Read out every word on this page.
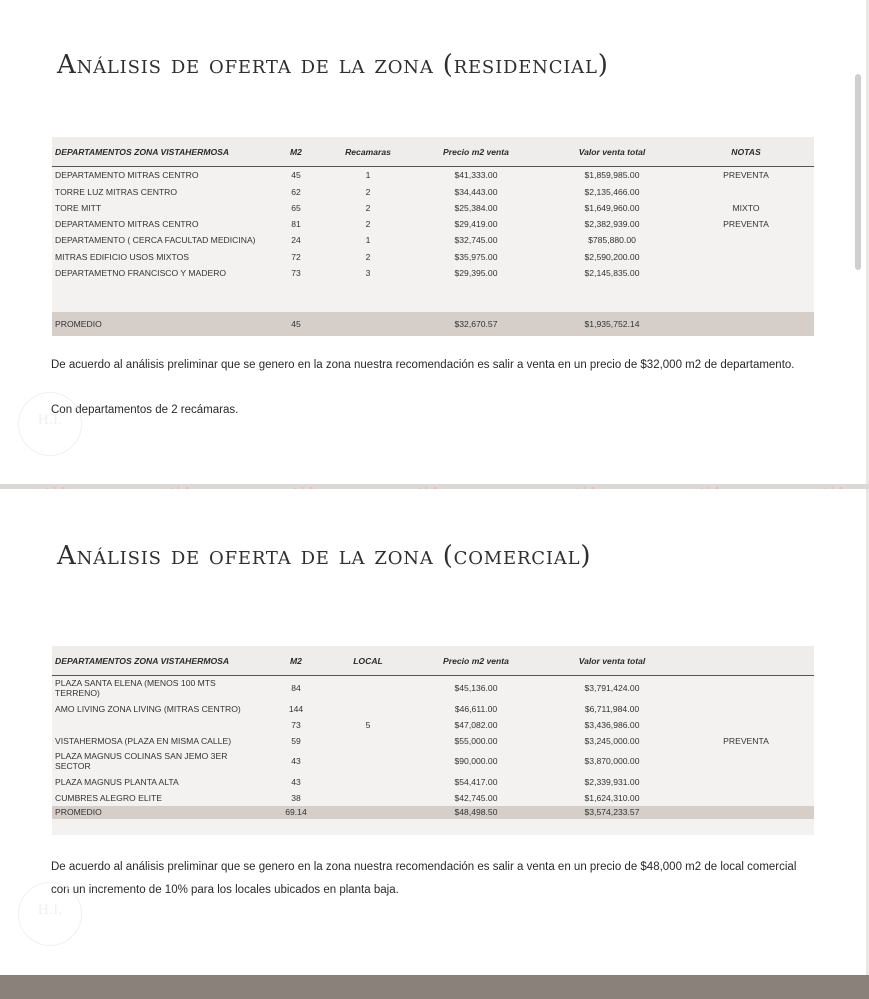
Análisis de oferta de la zona (residencial)
DEPARTAMENTOS ZONA VISTAHERMOSA	M2	Recamaras	Precio m2 venta	Valor venta total	NOTAS
DEPARTAMENTO MITRAS CENTRO	45	1	$41,333.00	$1,859,985.00	PREVENTA
TORRE LUZ MITRAS CENTRO	62	2	$34,443.00	$2,135,466.00	
TORE MITT	65	2	$25,384.00	$1,649,960.00	MIXTO
DEPARTAMENTO MITRAS CENTRO	81	2	$29,419.00	$2,382,939.00	PREVENTA
DEPARTAMENTO ( CERCA FACULTAD MEDICINA)	24	1	$32,745.00	$785,880.00	
MITRAS EDIFICIO USOS MIXTOS	72	2	$35,975.00	$2,590,200.00	
DEPARTAMETNO FRANCISCO Y MADERO	73	3	$29,395.00	$2,145,835.00	

PROMEDIO	45		$32,670.57	$1,935,752.14	

De acuerdo al análisis preliminar que se genero en la zona nuestra recomendación es salir a venta en un precio de $32,000 m2 de departamento.

Con departamentos de 2 recámaras.

H.I.
Análisis de oferta de la zona (comercial)
DEPARTAMENTOS ZONA VISTAHERMOSA	M2	LOCAL	Precio m2 venta	Valor venta total	
PLAZA SANTA ELENA (MENOS 100 MTS TERRENO)	84		$45,136.00	$3,791,424.00	
AMO LIVING ZONA LIVING (MITRAS CENTRO)	144		$46,611.00	$6,711,984.00	
	73	5	$47,082.00	$3,436,986.00	
VISTAHERMOSA (PLAZA EN MISMA CALLE)	59		$55,000.00	$3,245,000.00	PREVENTA
PLAZA MAGNUS COLINAS SAN JEMO 3ER SECTOR	43		$90,000.00	$3,870,000.00	
PLAZA MAGNUS PLANTA ALTA	43		$54,417.00	$2,339,931.00	
CUMBRES ALEGRO ELITE	38		$42,745.00	$1,624,310.00	
PROMEDIO	69.14		$48,498.50	$3,574,233.57	

De acuerdo al análisis preliminar que se genero en la zona nuestra recomendación es salir a venta en un precio de $48,000 m2 de local comercial con un incremento de 10% para los locales ubicados en planta baja.

H.I.
